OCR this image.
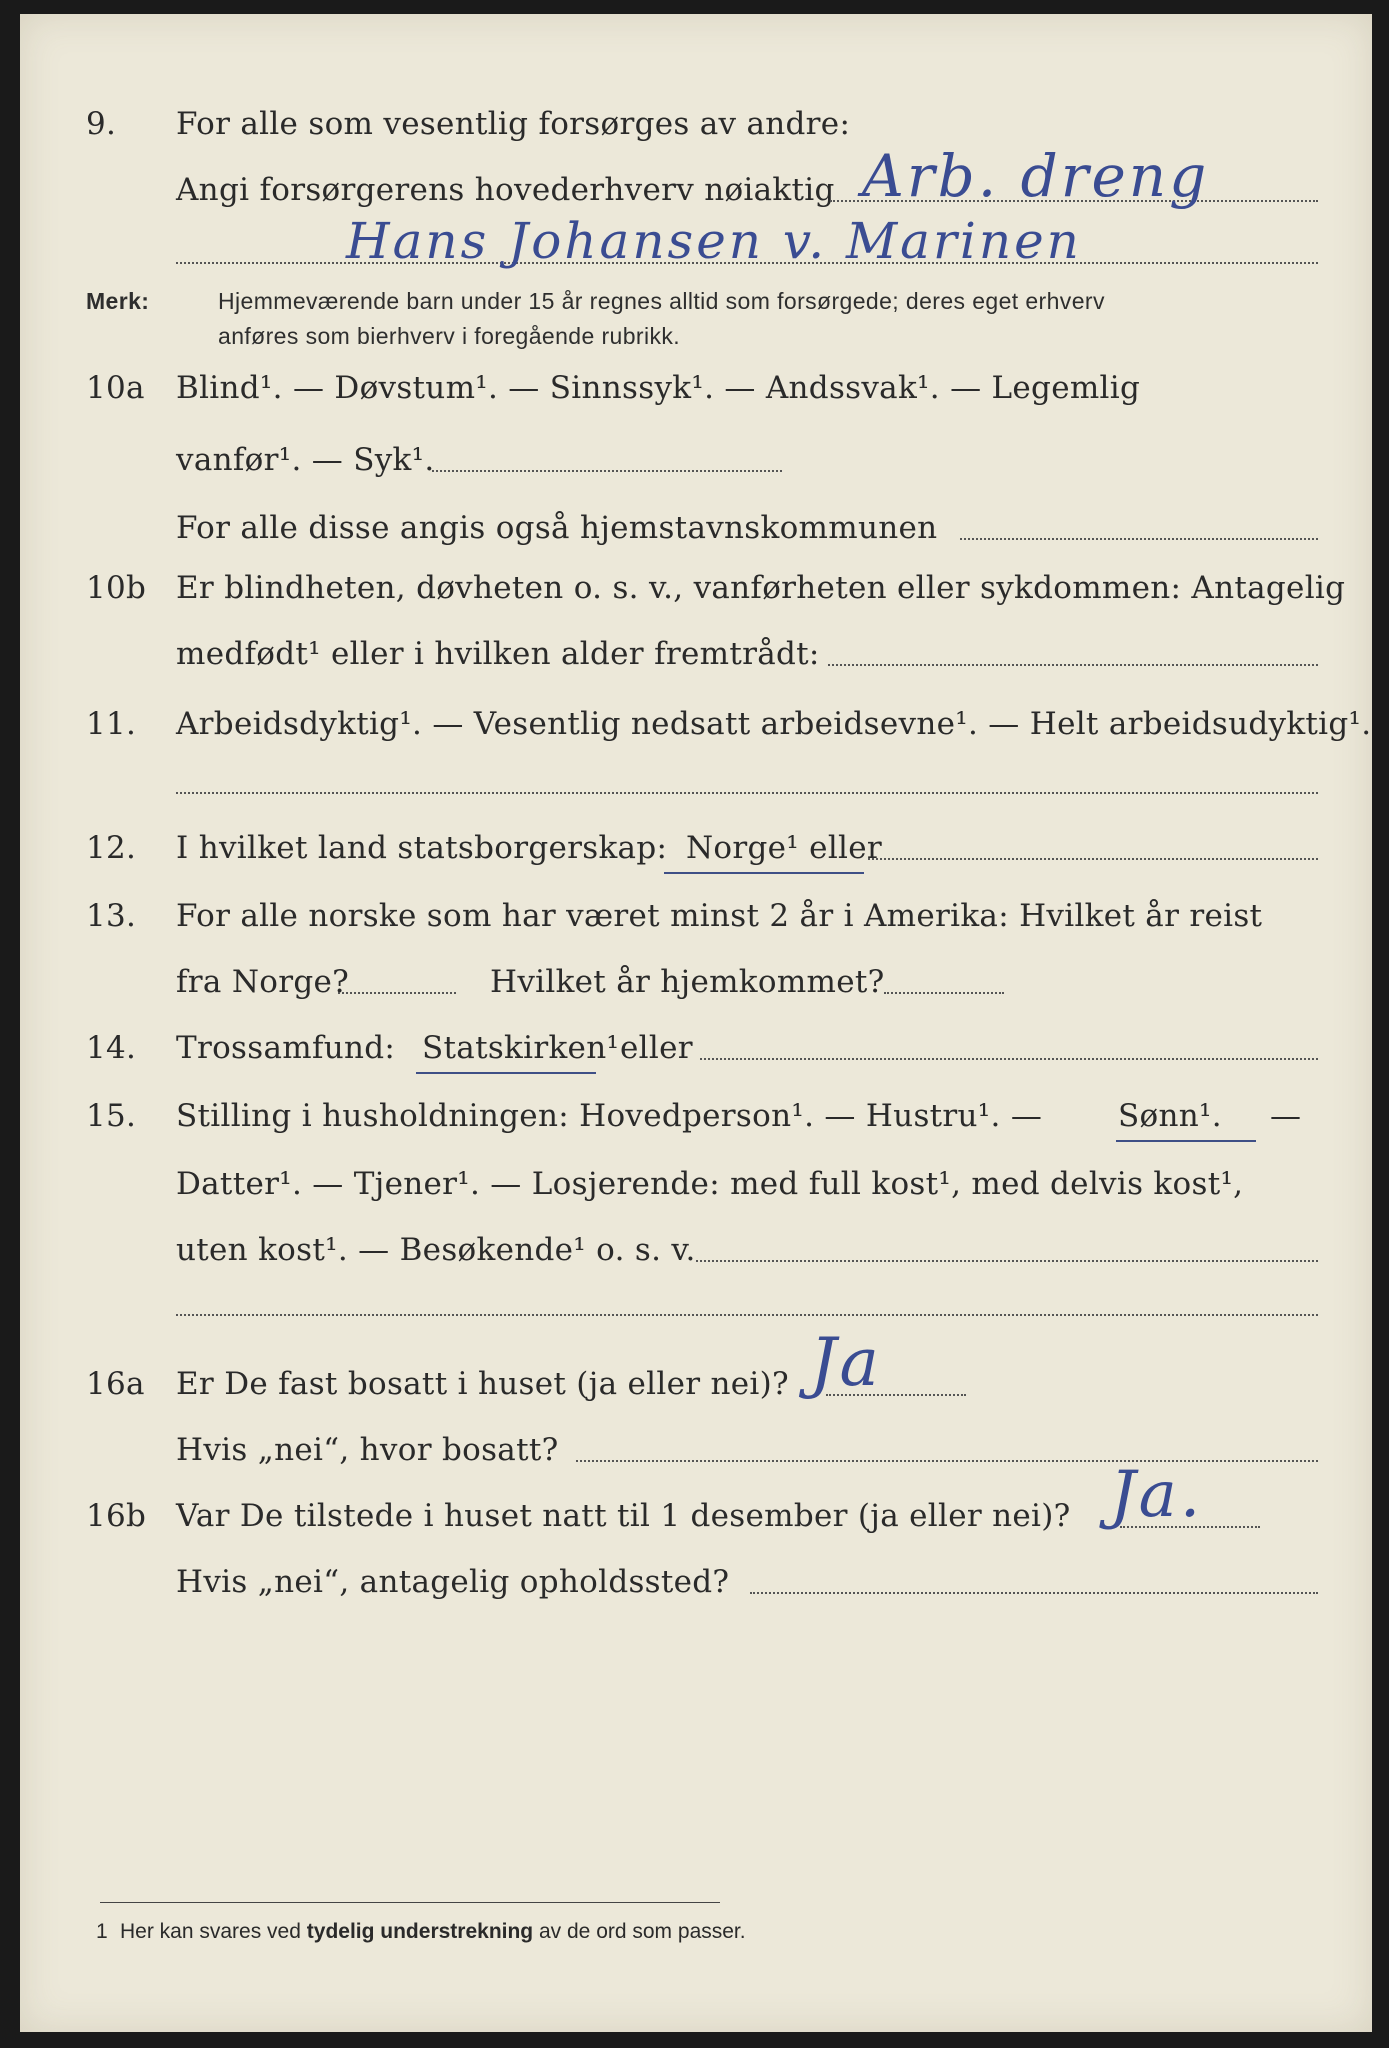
9. For alle som vesentlig forsørges av andre:
Angi forsørgerens hovederhverv nøiaktig Arb. dreng
Hans Johansen v. Marinen
Merk:	Hjemmeværende barn under 15 år regnes alltid som forsørgede; deres eget erhverv
anføres som bierhverv i foregående rubrikk.
10a Blind¹. — Døvstum¹. — Sinnssyk¹. — Andssvak¹. — Legemlig
vanfør¹. — Syk¹.
For alle disse angis også hjemstavnskommunen
10b Er blindheten, døvheten o. s. v., vanførheten eller sykdommen: Antagelig
medfødt¹ eller i hvilken alder fremtrådt:
11. Arbeidsdyktig¹. — Vesentlig nedsatt arbeidsevne¹. — Helt arbeidsudyktig¹.
12. I hvilket land statsborgerskap: Norge¹ eller
13. For alle norske som har været minst 2 år i Amerika: Hvilket år reist
fra Norge?	Hvilket år hjemkommet?
14. Trossamfund: Statskirken¹ eller
15. Stilling i husholdningen: Hovedperson¹. — Hustru¹. — Sønn¹. —
Datter¹. — Tjener¹. — Losjerende: med full kost¹, med delvis kost¹,
uten kost¹. — Besøkende¹ o. s. v.
16a Er De fast bosatt i huset (ja eller nei)? Ja
Hvis „nei“, hvor bosatt?
16b Var De tilstede i huset natt til 1 desember (ja eller nei)? Ja.
Hvis „nei“, antagelig opholdssted?
1 Her kan svares ved tydelig understrekning av de ord som passer.
